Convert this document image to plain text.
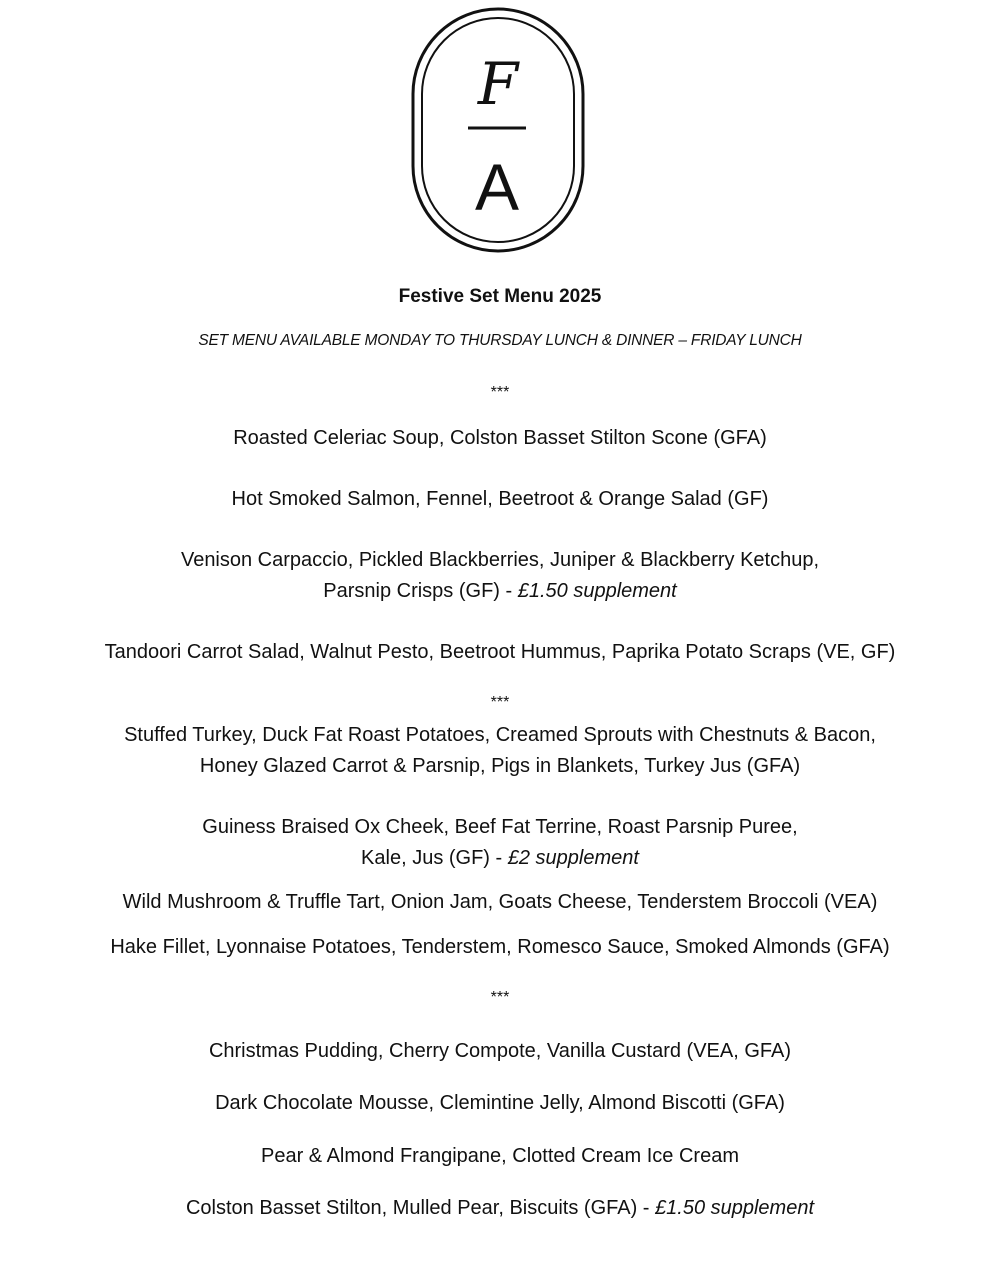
F
A
Festive Set Menu 2025
SET MENU AVAILABLE MONDAY TO THURSDAY LUNCH & DINNER – FRIDAY LUNCH
***
Roasted Celeriac Soup, Colston Basset Stilton Scone (GFA)
Hot Smoked Salmon, Fennel, Beetroot & Orange Salad (GF)
Venison Carpaccio, Pickled Blackberries, Juniper & Blackberry Ketchup,
Parsnip Crisps (GF) - £1.50 supplement
Tandoori Carrot Salad, Walnut Pesto, Beetroot Hummus, Paprika Potato Scraps (VE, GF)
***
Stuffed Turkey, Duck Fat Roast Potatoes, Creamed Sprouts with Chestnuts & Bacon,
Honey Glazed Carrot & Parsnip, Pigs in Blankets, Turkey Jus (GFA)
Guiness Braised Ox Cheek, Beef Fat Terrine, Roast Parsnip Puree,
Kale, Jus (GF) - £2 supplement
Wild Mushroom & Truffle Tart, Onion Jam, Goats Cheese, Tenderstem Broccoli (VEA)
Hake Fillet, Lyonnaise Potatoes, Tenderstem, Romesco Sauce, Smoked Almonds (GFA)
***
Christmas Pudding, Cherry Compote, Vanilla Custard (VEA, GFA)
Dark Chocolate Mousse, Clemintine Jelly, Almond Biscotti (GFA)
Pear & Almond Frangipane, Clotted Cream Ice Cream
Colston Basset Stilton, Mulled Pear, Biscuits (GFA) - £1.50 supplement
